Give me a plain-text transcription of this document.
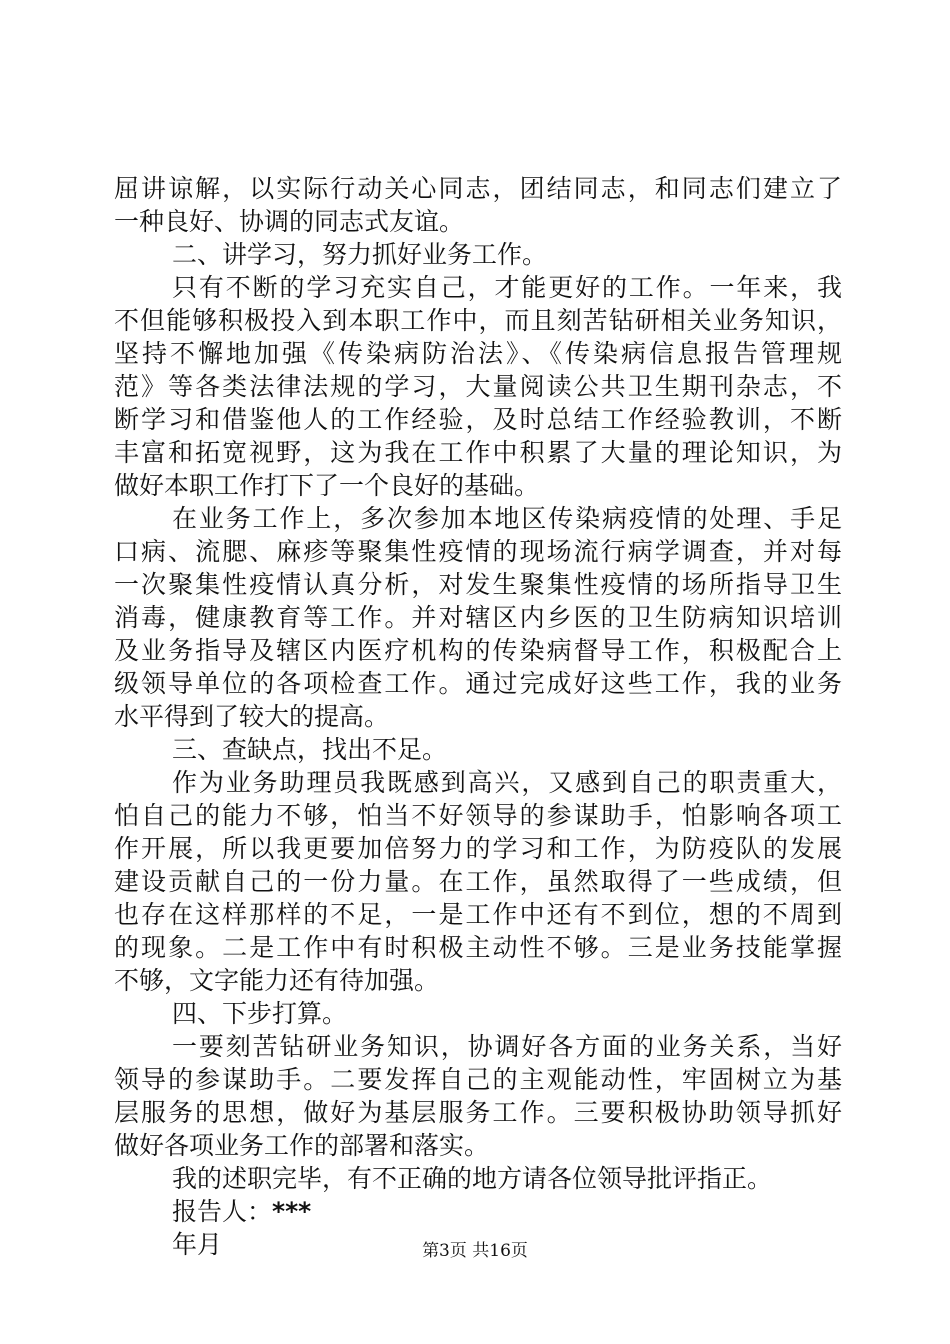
屈讲谅解，以实际行动关心同志，团结同志，和同志们建立了
一种良好、协调的同志式友谊。
二、讲学习，努力抓好业务工作。
只有不断的学习充实自己，才能更好的工作。一年来，我
不但能够积极投入到本职工作中，而且刻苦钻研相关业务知识，
坚持不懈地加强《传染病防治法》、《传染病信息报告管理规
范》等各类法律法规的学习，大量阅读公共卫生期刊杂志，不
断学习和借鉴他人的工作经验，及时总结工作经验教训，不断
丰富和拓宽视野，这为我在工作中积累了大量的理论知识，为
做好本职工作打下了一个良好的基础。
在业务工作上，多次参加本地区传染病疫情的处理、手足
口病、流腮、麻疹等聚集性疫情的现场流行病学调查，并对每
一次聚集性疫情认真分析，对发生聚集性疫情的场所指导卫生
消毒，健康教育等工作。并对辖区内乡医的卫生防病知识培训
及业务指导及辖区内医疗机构的传染病督导工作，积极配合上
级领导单位的各项检查工作。通过完成好这些工作，我的业务
水平得到了较大的提高。
三、查缺点，找出不足。
作为业务助理员我既感到高兴，又感到自己的职责重大，
怕自己的能力不够，怕当不好领导的参谋助手，怕影响各项工
作开展，所以我更要加倍努力的学习和工作，为防疫队的发展
建设贡献自己的一份力量。在工作，虽然取得了一些成绩，但
也存在这样那样的不足，一是工作中还有不到位，想的不周到
的现象。二是工作中有时积极主动性不够。三是业务技能掌握
不够，文字能力还有待加强。
四、下步打算。
一要刻苦钻研业务知识，协调好各方面的业务关系，当好
领导的参谋助手。二要发挥自己的主观能动性，牢固树立为基
层服务的思想，做好为基层服务工作。三要积极协助领导抓好
做好各项业务工作的部署和落实。
我的述职完毕，有不正确的地方请各位领导批评指正。
报告人：***
年月	第3页 共16页
